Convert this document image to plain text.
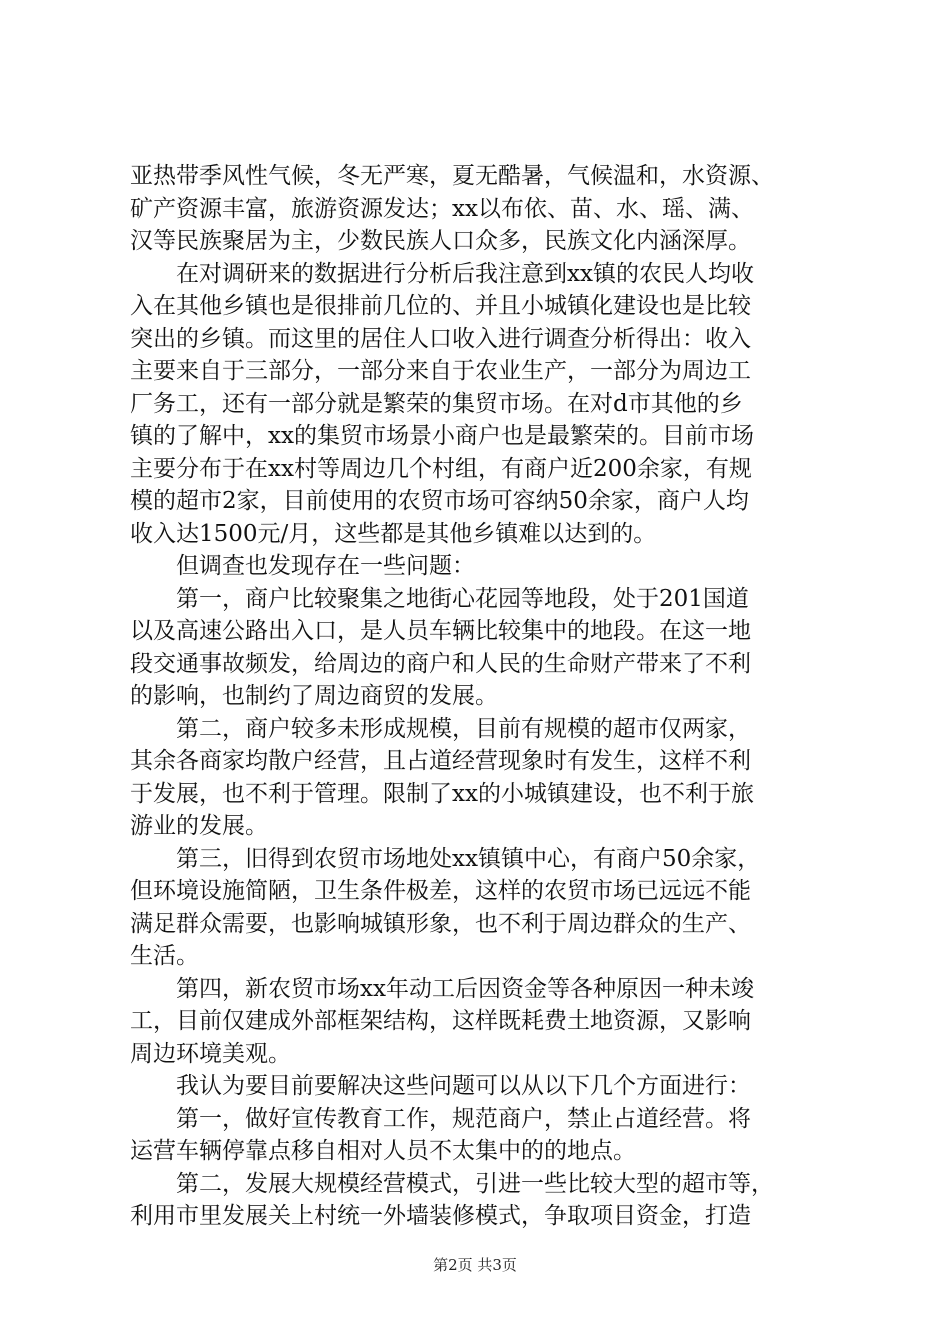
亚热带季风性气候，冬无严寒，夏无酷暑，气候温和，水资源、
矿产资源丰富，旅游资源发达；xx以布依、苗、水、瑶、满、
汉等民族聚居为主，少数民族人口众多，民族文化内涵深厚。
在对调研来的数据进行分析后我注意到xx镇的农民人均收
入在其他乡镇也是很排前几位的、并且小城镇化建设也是比较
突出的乡镇。而这里的居住人口收入进行调查分析得出：收入
主要来自于三部分，一部分来自于农业生产，一部分为周边工
厂务工，还有一部分就是繁荣的集贸市场。在对d市其他的乡
镇的了解中，xx的集贸市场景小商户也是最繁荣的。目前市场
主要分布于在xx村等周边几个村组，有商户近200余家，有规
模的超市2家，目前使用的农贸市场可容纳50余家，商户人均
收入达1500元/月，这些都是其他乡镇难以达到的。
但调查也发现存在一些问题：
第一，商户比较聚集之地街心花园等地段，处于201国道
以及高速公路出入口，是人员车辆比较集中的地段。在这一地
段交通事故频发，给周边的商户和人民的生命财产带来了不利
的影响，也制约了周边商贸的发展。
第二，商户较多未形成规模，目前有规模的超市仅两家，
其余各商家均散户经营，且占道经营现象时有发生，这样不利
于发展，也不利于管理。限制了xx的小城镇建设，也不利于旅
游业的发展。
第三，旧得到农贸市场地处xx镇镇中心，有商户50余家，
但环境设施简陋，卫生条件极差，这样的农贸市场已远远不能
满足群众需要，也影响城镇形象，也不利于周边群众的生产、
生活。
第四，新农贸市场xx年动工后因资金等各种原因一种未竣
工，目前仅建成外部框架结构，这样既耗费土地资源，又影响
周边环境美观。
我认为要目前要解决这些问题可以从以下几个方面进行：
第一，做好宣传教育工作，规范商户，禁止占道经营。将
运营车辆停靠点移自相对人员不太集中的的地点。
第二，发展大规模经营模式，引进一些比较大型的超市等，
利用市里发展关上村统一外墙装修模式，争取项目资金，打造
第2页 共3页
